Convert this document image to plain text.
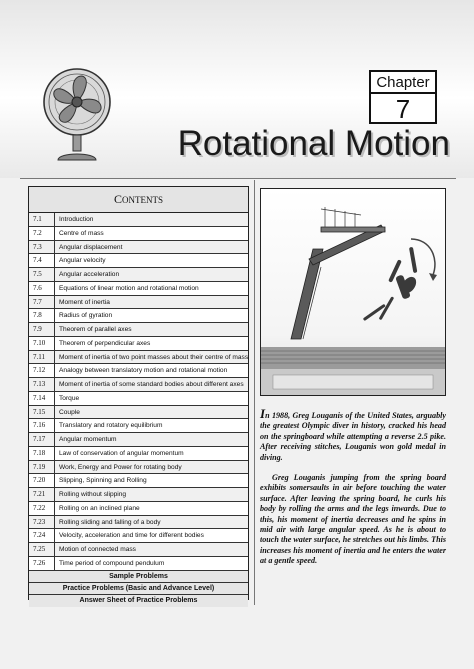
Chapter
7
Rotational Motion
CONTENTS
7.1	Introduction
7.2	Centre of mass
7.3	Angular displacement
7.4	Angular velocity
7.5	Angular acceleration
7.6	Equations of linear motion and rotational motion
7.7	Moment of inertia
7.8	Radius of gyration
7.9	Theorem of parallel axes
7.10	Theorem of perpendicular axes
7.11	Moment of inertia of two point masses about their centre of mass
7.12	Analogy between translatory motion and rotational motion
7.13	Moment of inertia of some standard bodies about different axes
7.14	Torque
7.15	Couple
7.16	Translatory and rotatory equilibrium
7.17	Angular momentum
7.18	Law of conservation of angular momentum
7.19	Work, Energy and Power for rotating body
7.20	Slipping, Spinning and Rolling
7.21	Rolling without slipping
7.22	Rolling on an inclined plane
7.23	Rolling sliding and falling of a body
7.24	Velocity, acceleration and time for different bodies
7.25	Motion of connected mass
7.26	Time period of compound pendulum
Sample Problems
Practice Problems (Basic and Advance Level)
Answer Sheet of Practice Problems

In 1988, Greg Louganis of the United States, arguably the greatest Olympic diver in history, cracked his head on the springboard while attempting a reverse 2.5 pike. After receiving stitches, Louganis won gold medal in diving.

Greg Louganis jumping from the spring board exhibits somersaults in air before touching the water surface. After leaving the spring board, he curls his body by rolling the arms and the legs inwards. Due to this, his moment of inertia decreases and he spins in mid air with large angular speed. As he is about to touch the water surface, he stretches out his limbs. This increases his moment of inertia and he enters the water at a gentle speed.
